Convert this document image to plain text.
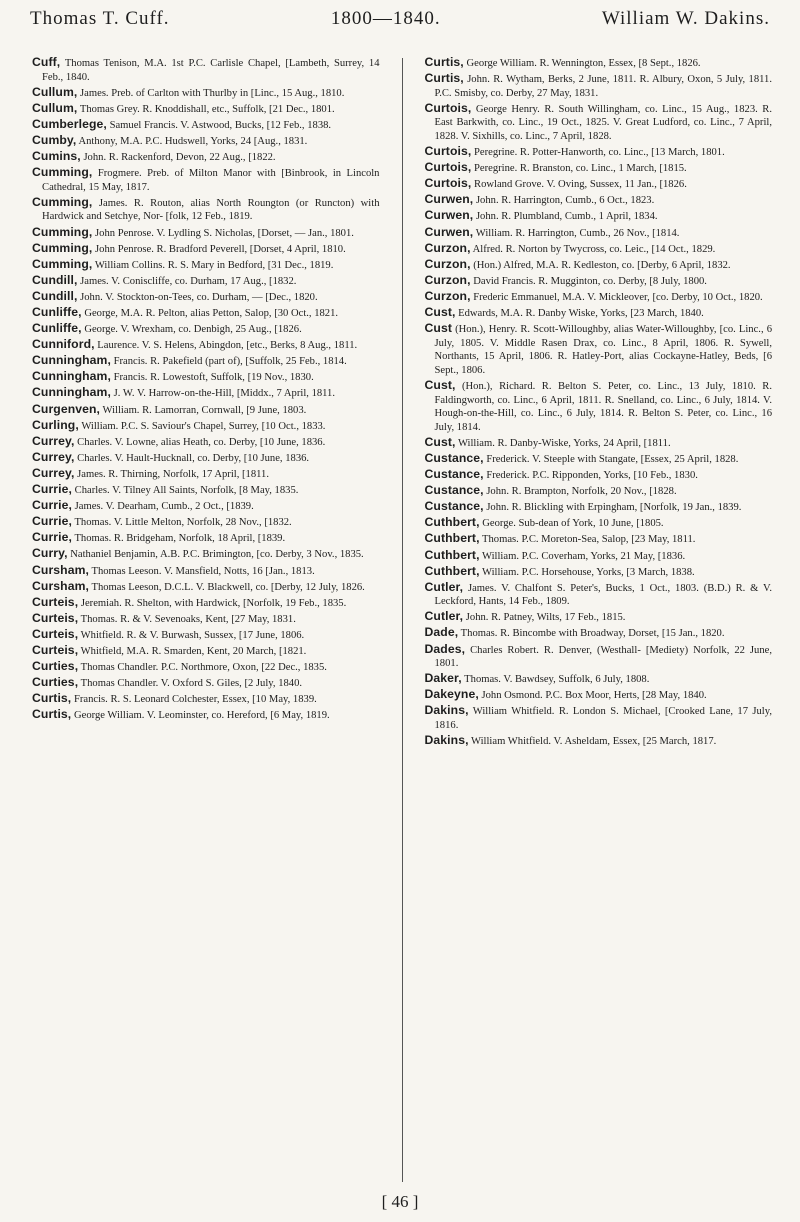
Thomas T. Cuff.	1800—1840.	William W. Dakins.

Cuff, Thomas Tenison, M.A. 1st P.C. Carlisle Chapel, [Lambeth, Surrey, 14 Feb., 1840.

Cullum, James. Preb. of Carlton with Thurlby in [Linc., 15 Aug., 1810.

Cullum, Thomas Grey. R. Knoddishall, etc., Suffolk, [21 Dec., 1801.

Cumberlege, Samuel Francis. V. Astwood, Bucks, [12 Feb., 1838.

Cumby, Anthony, M.A. P.C. Hudswell, Yorks, 24 [Aug., 1831.

Cumins, John. R. Rackenford, Devon, 22 Aug., [1822.

Cumming, Frogmere. Preb. of Milton Manor with [Binbrook, in Lincoln Cathedral, 15 May, 1817.

Cumming, James. R. Routon, alias North Roungton (or Runcton) with Hardwick and Setchye, Nor- [folk, 12 Feb., 1819.

Cumming, John Penrose. V. Lydling S. Nicholas, [Dorset, — Jan., 1801.

Cumming, John Penrose. R. Bradford Peverell, [Dorset, 4 April, 1810.

Cumming, William Collins. R. S. Mary in Bedford, [31 Dec., 1819.

Cundill, James. V. Coniscliffe, co. Durham, 17 Aug., [1832.

Cundill, John. V. Stockton-on-Tees, co. Durham, — [Dec., 1820.

Cunliffe, George, M.A. R. Pelton, alias Petton, Salop, [30 Oct., 1821.

Cunliffe, George. V. Wrexham, co. Denbigh, 25 Aug., [1826.

Cunniford, Laurence. V. S. Helens, Abingdon, [etc., Berks, 8 Aug., 1811.

Cunningham, Francis. R. Pakefield (part of), [Suffolk, 25 Feb., 1814.

Cunningham, Francis. R. Lowestoft, Suffolk, [19 Nov., 1830.

Cunningham, J. W. V. Harrow-on-the-Hill, [Middx., 7 April, 1811.

Curgenven, William. R. Lamorran, Cornwall, [9 June, 1803.

Curling, William. P.C. S. Saviour's Chapel, Surrey, [10 Oct., 1833.

Currey, Charles. V. Lowne, alias Heath, co. Derby, [10 June, 1836.

Currey, Charles. V. Hault-Hucknall, co. Derby, [10 June, 1836.

Currey, James. R. Thirning, Norfolk, 17 April, [1811.

Currie, Charles. V. Tilney All Saints, Norfolk, [8 May, 1835.

Currie, James. V. Dearham, Cumb., 2 Oct., [1839.

Currie, Thomas. V. Little Melton, Norfolk, 28 Nov., [1832.

Currie, Thomas. R. Bridgeham, Norfolk, 18 April, [1839.

Curry, Nathaniel Benjamin, A.B. P.C. Brimington, [co. Derby, 3 Nov., 1835.

Cursham, Thomas Leeson. V. Mansfield, Notts, 16 [Jan., 1813.

Cursham, Thomas Leeson, D.C.L. V. Blackwell, co. [Derby, 12 July, 1826.

Curteis, Jeremiah. R. Shelton, with Hardwick, [Norfolk, 19 Feb., 1835.

Curteis, Thomas. R. & V. Sevenoaks, Kent, [27 May, 1831.

Curteis, Whitfield. R. & V. Burwash, Sussex, [17 June, 1806.

Curteis, Whitfield, M.A. R. Smarden, Kent, 20 March, [1821.

Curties, Thomas Chandler. P.C. Northmore, Oxon, [22 Dec., 1835.

Curties, Thomas Chandler. V. Oxford S. Giles, [2 July, 1840.

Curtis, Francis. R. S. Leonard Colchester, Essex, [10 May, 1839.

Curtis, George William. V. Leominster, co. Hereford, [6 May, 1819.

Curtis, George William. R. Wennington, Essex, [8 Sept., 1826.

Curtis, John. R. Wytham, Berks, 2 June, 1811. R. Albury, Oxon, 5 July, 1811. P.C. Smisby, co. Derby, 27 May, 1831.

Curtois, George Henry. R. South Willingham, co. Linc., 15 Aug., 1823. R. East Barkwith, co. Linc., 19 Oct., 1825. V. Great Ludford, co. Linc., 7 April, 1828. V. Sixhills, co. Linc., 7 April, 1828.

Curtois, Peregrine. R. Potter-Hanworth, co. Linc., [13 March, 1801.

Curtois, Peregrine. R. Branston, co. Linc., 1 March, [1815.

Curtois, Rowland Grove. V. Oving, Sussex, 11 Jan., [1826.

Curwen, John. R. Harrington, Cumb., 6 Oct., 1823.

Curwen, John. R. Plumbland, Cumb., 1 April, 1834.

Curwen, William. R. Harrington, Cumb., 26 Nov., [1814.

Curzon, Alfred. R. Norton by Twycross, co. Leic., [14 Oct., 1829.

Curzon, (Hon.) Alfred, M.A. R. Kedleston, co. [Derby, 6 April, 1832.

Curzon, David Francis. R. Mugginton, co. Derby, [8 July, 1800.

Curzon, Frederic Emmanuel, M.A. V. Mickleover, [co. Derby, 10 Oct., 1820.

Cust, Edwards, M.A. R. Danby Wiske, Yorks, [23 March, 1840.

Cust (Hon.), Henry. R. Scott-Willoughby, alias Water-Willoughby, [co. Linc., 6 July, 1805. V. Middle Rasen Drax, co. Linc., 8 April, 1806. R. Sywell, Northants, 15 April, 1806. R. Hatley-Port, alias Cockayne-Hatley, Beds, [6 Sept., 1806.

Cust, (Hon.), Richard. R. Belton S. Peter, co. Linc., 13 July, 1810. R. Faldingworth, co. Linc., 6 April, 1811. R. Snelland, co. Linc., 6 July, 1814. V. Hough-on-the-Hill, co. Linc., 6 July, 1814. R. Belton S. Peter, co. Linc., 16 July, 1814.

Cust, William. R. Danby-Wiske, Yorks, 24 April, [1811.

Custance, Frederick. V. Steeple with Stangate, [Essex, 25 April, 1828.

Custance, Frederick. P.C. Ripponden, Yorks, [10 Feb., 1830.

Custance, John. R. Brampton, Norfolk, 20 Nov., [1828.

Custance, John. R. Blickling with Erpingham, [Norfolk, 19 Jan., 1839.

Cuthbert, George. Sub-dean of York, 10 June, [1805.

Cuthbert, Thomas. P.C. Moreton-Sea, Salop, [23 May, 1811.

Cuthbert, William. P.C. Coverham, Yorks, 21 May, [1836.

Cuthbert, William. P.C. Horsehouse, Yorks, [3 March, 1838.

Cutler, James. V. Chalfont S. Peter's, Bucks, 1 Oct., 1803. (B.D.) R. & V. Leckford, Hants, 14 Feb., 1809.

Cutler, John. R. Patney, Wilts, 17 Feb., 1815.

Dade, Thomas. R. Bincombe with Broadway, Dorset, [15 Jan., 1820.

Dades, Charles Robert. R. Denver, (Westhall- [Mediety) Norfolk, 22 June, 1801.

Daker, Thomas. V. Bawdsey, Suffolk, 6 July, 1808.

Dakeyne, John Osmond. P.C. Box Moor, Herts, [28 May, 1840.

Dakins, William Whitfield. R. London S. Michael, [Crooked Lane, 17 July, 1816.

Dakins, William Whitfield. V. Asheldam, Essex, [25 March, 1817.

[ 46 ]
